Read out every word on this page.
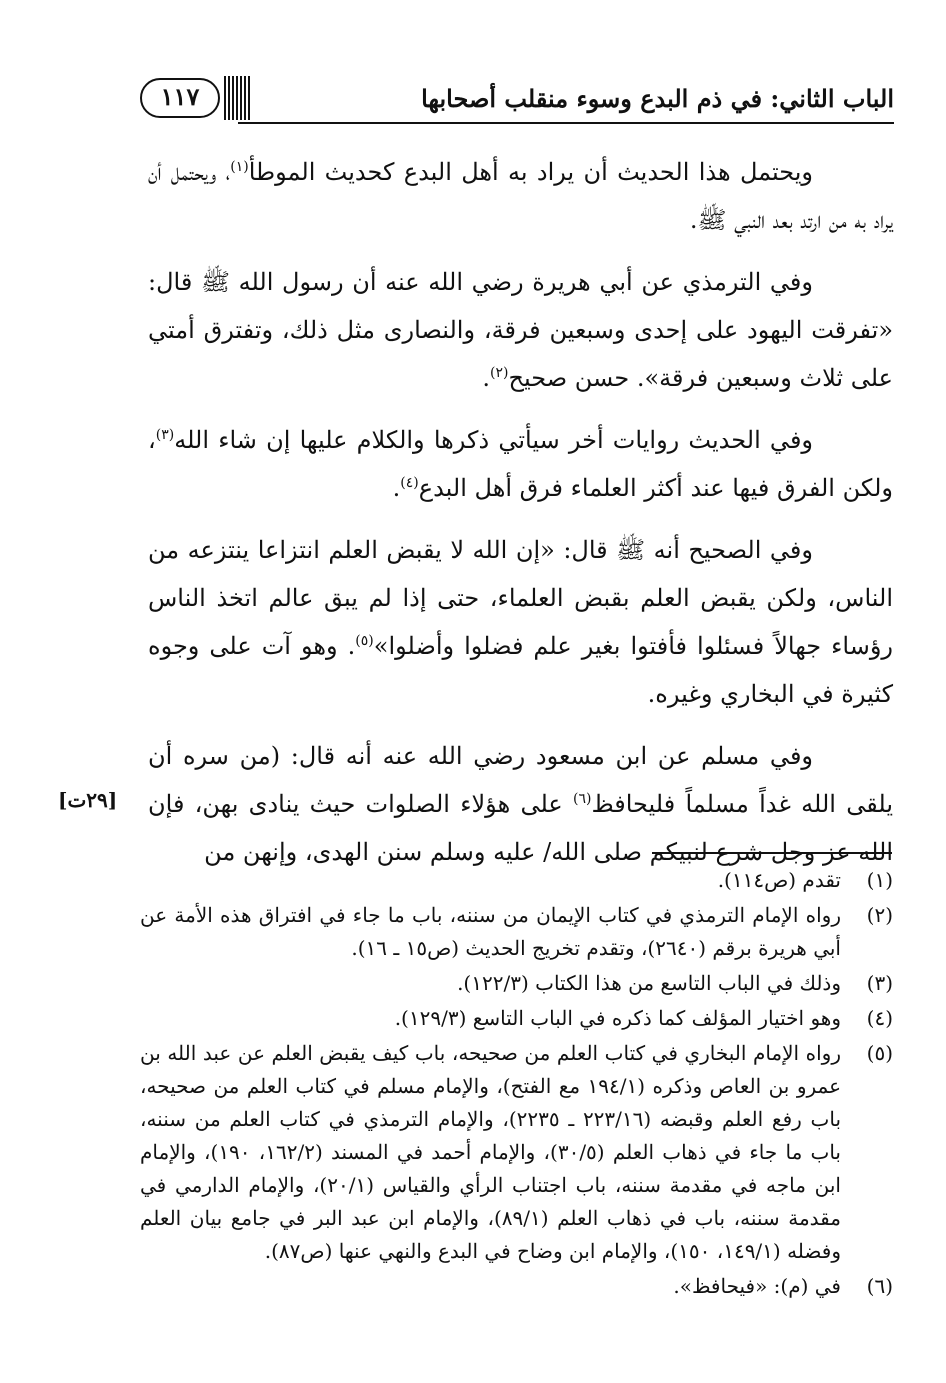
١١٧	الباب الثاني: في ذم البدع وسوء منقلب أصحابها

ويحتمل هذا الحديث أن يراد به أهل البدع كحديث الموطأ$^{(١)}$، ويحتمل أن يراد به من ارتد بعد النبي ﷺ.

وفي الترمذي عن أبي هريرة رضي الله عنه أن رسول الله ﷺ قال: «تفرقت اليهود على إحدى وسبعين فرقة، والنصارى مثل ذلك، وتفترق أمتي على ثلاث وسبعين فرقة». حسن صحيح$^{(٢)}$.

وفي الحديث روايات أخر سيأتي ذكرها والكلام عليها إن شاء الله$^{(٣)}$، ولكن الفرق فيها عند أكثر العلماء فرق أهل البدع$^{(٤)}$.

وفي الصحيح أنه ﷺ قال: «إن الله لا يقبض العلم انتزاعا ينتزعه من الناس، ولكن يقبض العلم بقبض العلماء، حتى إذا لم يبق عالم اتخذ الناس رؤساء جهالاً فسئلوا فأفتوا بغير علم فضلوا وأضلوا»$^{(٥)}$. وهو آت على وجوه كثيرة في البخاري وغيره.

وفي مسلم عن ابن مسعود رضي الله عنه أنه قال: (من سره أن يلقى الله غداً مسلماً فليحافظ$^{(٦)}$ على هؤلاء الصلوات حيث ينادى بهن، فإن الله عز وجل شرع لنبيكم صلى الله/ عليه وسلم سنن الهدى، وإنهن من

[٢٩ت]
(١)
تقدم (ص١١٤).
(٢)
رواه الإمام الترمذي في كتاب الإيمان من سننه، باب ما جاء في افتراق هذه الأمة عن أبي هريرة برقم (٢٦٤٠)، وتقدم تخريج الحديث (ص١٥ ـ ١٦).
(٣)
وذلك في الباب التاسع من هذا الكتاب (١٢٢/٣).
(٤)
وهو اختيار المؤلف كما ذكره في الباب التاسع (١٢٩/٣).
(٥)
رواه الإمام البخاري في كتاب العلم من صحيحه، باب كيف يقبض العلم عن عبد الله بن عمرو بن العاص وذكره (١٩٤/١ مع الفتح)، والإمام مسلم في كتاب العلم من صحيحه، باب رفع العلم وقبضه (٢٢٣/١٦ ـ ٢٢٣٥)، والإمام الترمذي في كتاب العلم من سننه، باب ما جاء في ذهاب العلم (٣٠/٥)، والإمام أحمد في المسند (١٦٢/٢، ١٩٠)، والإمام ابن ماجه في مقدمة سننه، باب اجتناب الرأي والقياس (٢٠/١)، والإمام الدارمي في مقدمة سننه، باب في ذهاب العلم (٨٩/١)، والإمام ابن عبد البر في جامع بيان العلم وفضله (١٤٩/١، ١٥٠)، والإمام ابن وضاح في البدع والنهي عنها (ص٨٧).
(٦)
في (م): «فيحافظ».
